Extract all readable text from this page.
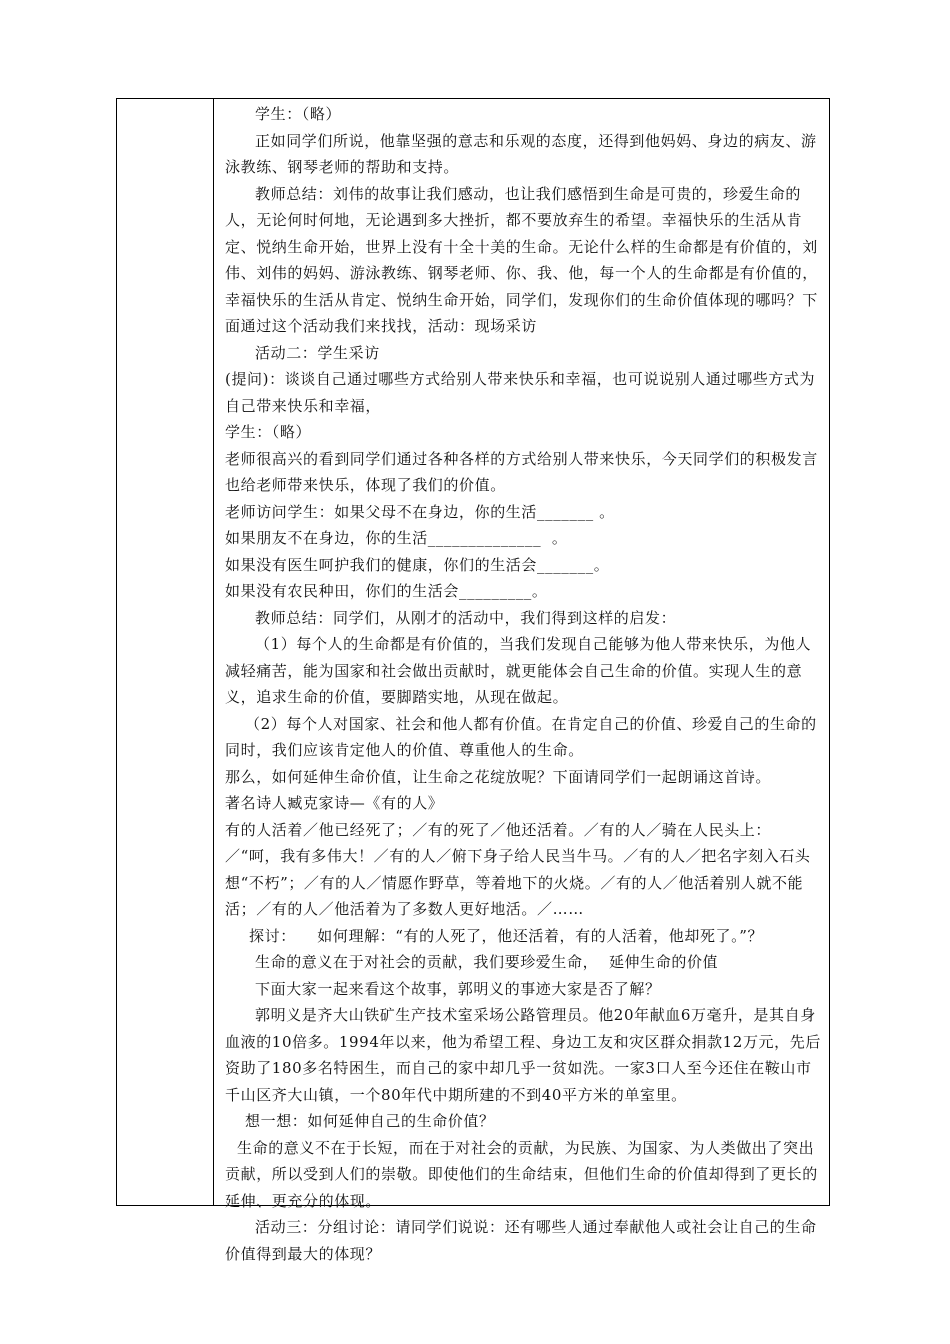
学生：（略）

正如同学们所说，他靠坚强的意志和乐观的态度，还得到他妈妈、身边的病友、游泳教练、钢琴老师的帮助和支持。

教师总结：刘伟的故事让我们感动，也让我们感悟到生命是可贵的，珍爱生命的人，无论何时何地，无论遇到多大挫折，都不要放弃生的希望。幸福快乐的生活从肯定、悦纳生命开始，世界上没有十全十美的生命。无论什么样的生命都是有价值的，刘伟、刘伟的妈妈、游泳教练、钢琴老师、你、我、他，每一个人的生命都是有价值的，幸福快乐的生活从肯定、悦纳生命开始，同学们，发现你们的生命价值体现的哪吗？下面通过这个活动我们来找找，活动：现场采访

活动二：学生采访

(提问)：谈谈自己通过哪些方式给别人带来快乐和幸福，也可说说别人通过哪些方式为自己带来快乐和幸福，

学生：（略）

老师很高兴的看到同学们通过各种各样的方式给别人带来快乐，今天同学们的积极发言也给老师带来快乐，体现了我们的价值。

老师访问学生：如果父母不在身边，你的生活_______ 。

如果朋友不在身边，你的生活______________  。

如果没有医生呵护我们的健康，你们的生活会_______。

如果没有农民种田，你们的生活会_________。

教师总结：同学们，从刚才的活动中，我们得到这样的启发：

（1）每个人的生命都是有价值的，当我们发现自己能够为他人带来快乐，为他人减轻痛苦，能为国家和社会做出贡献时，就更能体会自己生命的价值。实现人生的意义，追求生命的价值，要脚踏实地，从现在做起。

（2）每个人对国家、社会和他人都有价值。在肯定自己的价值、珍爱自己的生命的同时，我们应该肯定他人的价值、尊重他人的生命。

那么，如何延伸生命价值，让生命之花绽放呢？下面请同学们一起朗诵这首诗。

著名诗人臧克家诗—《有的人》

有的人活着／他已经死了；／有的死了／他还活着。／有的人／骑在人民头上：／“呵，我有多伟大！／有的人／俯下身子给人民当牛马。／有的人／把名字刻入石头想“不朽”；／有的人／情愿作野草，等着地下的火烧。／有的人／他活着别人就不能活；／有的人／他活着为了多数人更好地活。／……

探讨：    如何理解：“有的人死了，他还活着，有的人活着，他却死了。”？

生命的意义在于对社会的贡献，我们要珍爱生命，  延伸生命的价值

下面大家一起来看这个故事，郭明义的事迹大家是否了解？

郭明义是齐大山铁矿生产技术室采场公路管理员。他20年献血6万毫升，是其自身血液的10倍多。1994年以来，他为希望工程、身边工友和灾区群众捐款12万元，先后资助了180多名特困生，而自己的家中却几乎一贫如洗。一家3口人至今还住在鞍山市千山区齐大山镇，一个80年代中期所建的不到40平方米的单室里。

想一想：如何延伸自己的生命价值？

生命的意义不在于长短，而在于对社会的贡献，为民族、为国家、为人类做出了突出贡献，所以受到人们的崇敬。即使他们的生命结束，但他们生命的价值却得到了更长的延伸、更充分的体现。

活动三：分组讨论：请同学们说说：还有哪些人通过奉献他人或社会让自己的生命价值得到最大的体现？
